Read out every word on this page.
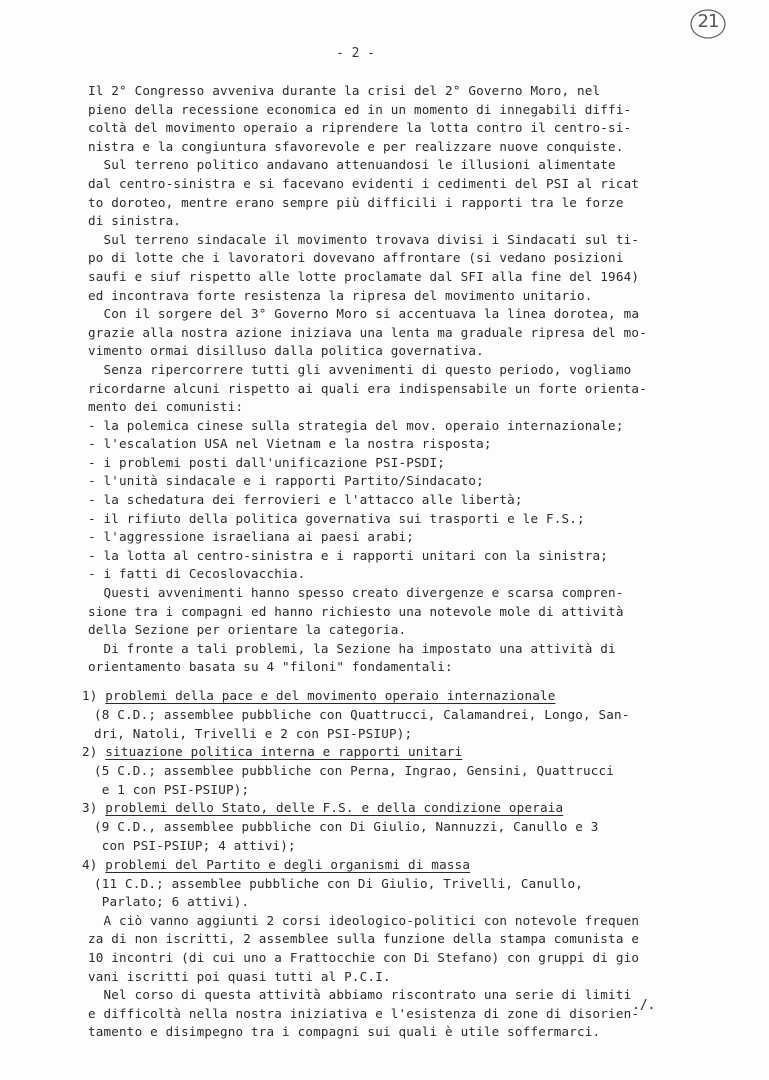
21
- 2 -
Il 2° Congresso avveniva durante la crisi del 2° Governo Moro, nel
pieno della recessione economica ed in un momento di innegabili diffi-
coltà del movimento operaio a riprendere la lotta contro il centro-si-
nistra e la congiuntura sfavorevole e per realizzare nuove conquiste.
Sul terreno politico andavano attenuandosi le illusioni alimentate
dal centro-sinistra e si facevano evidenti i cedimenti del PSI al ricat
to doroteo, mentre erano sempre più difficili i rapporti tra le forze
di sinistra.
Sul terreno sindacale il movimento trovava divisi i Sindacati sul ti-
po di lotte che i lavoratori dovevano affrontare (si vedano posizioni
saufi e siuf rispetto alle lotte proclamate dal SFI alla fine del 1964)
ed incontrava forte resistenza la ripresa del movimento unitario.
Con il sorgere del 3° Governo Moro si accentuava la linea dorotea, ma
grazie alla nostra azione iniziava una lenta ma graduale ripresa del mo-
vimento ormai disilluso dalla politica governativa.
Senza ripercorrere tutti gli avvenimenti di questo periodo, vogliamo
ricordarne alcuni rispetto ai quali era indispensabile un forte orienta-
mento dei comunisti:
- la polemica cinese sulla strategia del mov. operaio internazionale;
- l'escalation USA nel Vietnam e la nostra risposta;
- i problemi posti dall'unificazione PSI-PSDI;
- l'unità sindacale e i rapporti Partito/Sindacato;
- la schedatura dei ferrovieri e l'attacco alle libertà;
- il rifiuto della politica governativa sui trasporti e le F.S.;
- l'aggressione israeliana ai paesi arabi;
- la lotta al centro-sinistra e i rapporti unitari con la sinistra;
- i fatti di Cecoslovacchia.
Questi avvenimenti hanno spesso creato divergenze e scarsa compren-
sione tra i compagni ed hanno richiesto una notevole mole di attività
della Sezione per orientare la categoria.
Di fronte a tali problemi, la Sezione ha impostato una attività di
orientamento basata su 4 "filoni" fondamentali:
1) problemi della pace e del movimento operaio internazionale
(8 C.D.; assemblee pubbliche con Quattrucci, Calamandrei, Longo, San-
dri, Natoli, Trivelli e 2 con PSI-PSIUP);
2) situazione politica interna e rapporti unitari
(5 C.D.; assemblee pubbliche con Perna, Ingrao, Gensini, Quattrucci
e 1 con PSI-PSIUP);
3) problemi dello Stato, delle F.S. e della condizione operaia
(9 C.D., assemblee pubbliche con Di Giulio, Nannuzzi, Canullo e 3
con PSI-PSIUP; 4 attivi);
4) problemi del Partito e degli organismi di massa
(11 C.D.; assemblee pubbliche con Di Giulio, Trivelli, Canullo,
Parlato; 6 attivi).
A ciò vanno aggiunti 2 corsi ideologico-politici con notevole frequen
za di non iscritti, 2 assemblee sulla funzione della stampa comunista e
10 incontri (di cui uno a Frattocchie con Di Stefano) con gruppi di gio
vani iscritti poi quasi tutti al P.C.I.
Nel corso di questa attività abbiamo riscontrato una serie di limiti
e difficoltà nella nostra iniziativa e l'esistenza di zone di disorien-
tamento e disimpegno tra i compagni sui quali è utile soffermarci.
./.
